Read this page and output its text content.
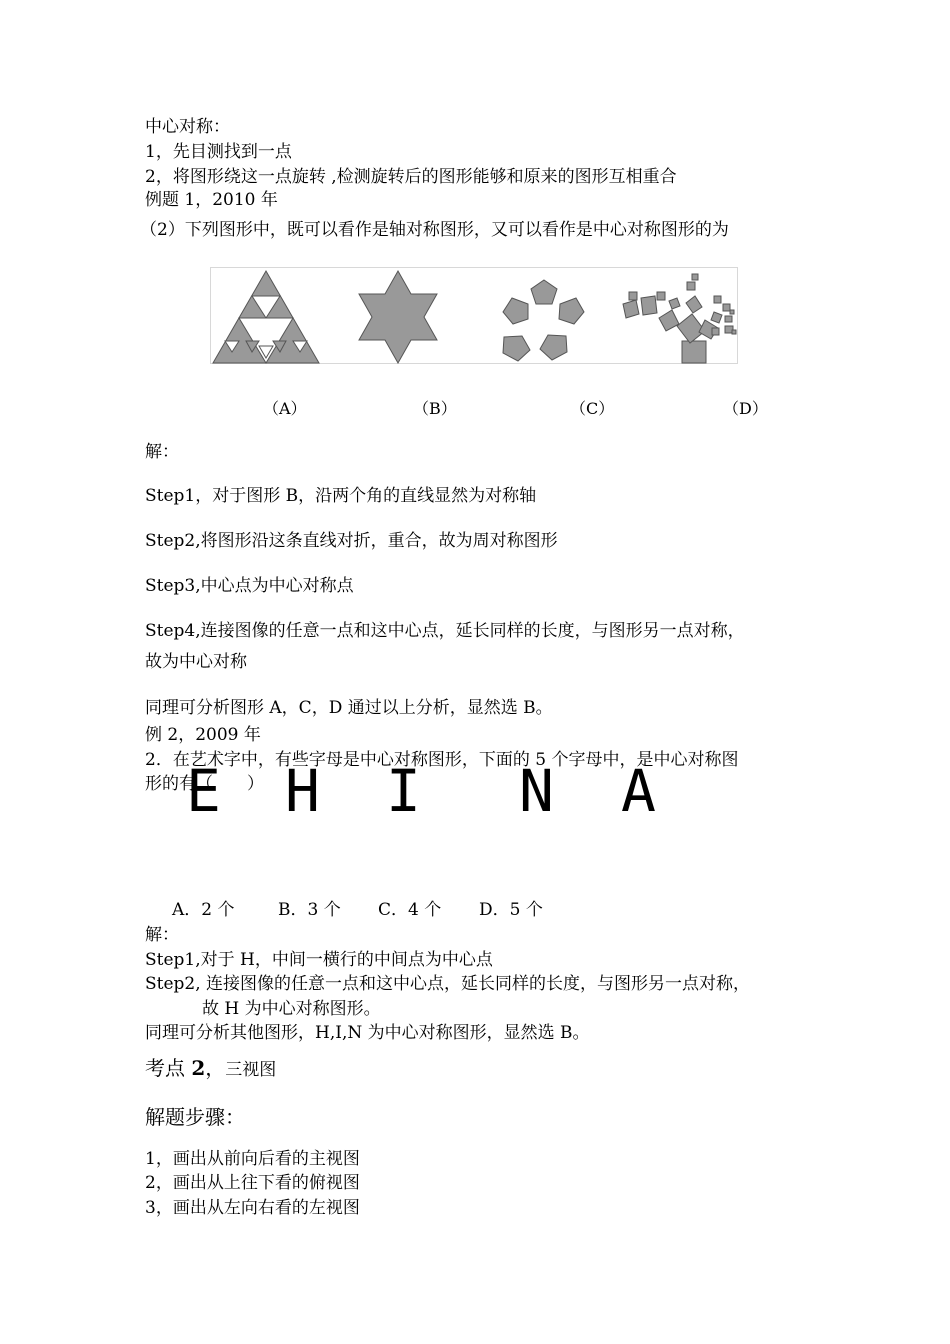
中心对称：
1，先目测找到一点
2，将图形绕这一点旋转 ,检测旋转后的图形能够和原来的图形互相重合
例题 1，2010 年
（2）下列图形中，既可以看作是轴对称图形，又可以看作是中心对称图形的为
（A）	（B）	（C）	（D）
解：
Step1，对于图形 B，沿两个角的直线显然为对称轴
Step2,将图形沿这条直线对折，重合，故为周对称图形
Step3,中心点为中心对称点
Step4,连接图像的任意一点和这中心点，延长同样的长度，与图形另一点对称，
故为中心对称
同理可分析图形 A，C，D 通过以上分析，显然选 B。
例 2，2009 年
2．在艺术字中，有些字母是中心对称图形，下面的 5 个字母中，是中心对称图
形的有（　　）
E H I N A
A．2 个	B．3 个 C．4 个 D．5 个
解：
Step1,对于 H，中间一横行的中间点为中心点
Step2, 连接图像的任意一点和这中心点，延长同样的长度，与图形另一点对称，
故 H 为中心对称图形。
同理可分析其他图形，H,I,N 为中心对称图形，显然选 B。
考点 2，三视图
解题步骤：
1，画出从前向后看的主视图
2，画出从上往下看的俯视图
3，画出从左向右看的左视图
